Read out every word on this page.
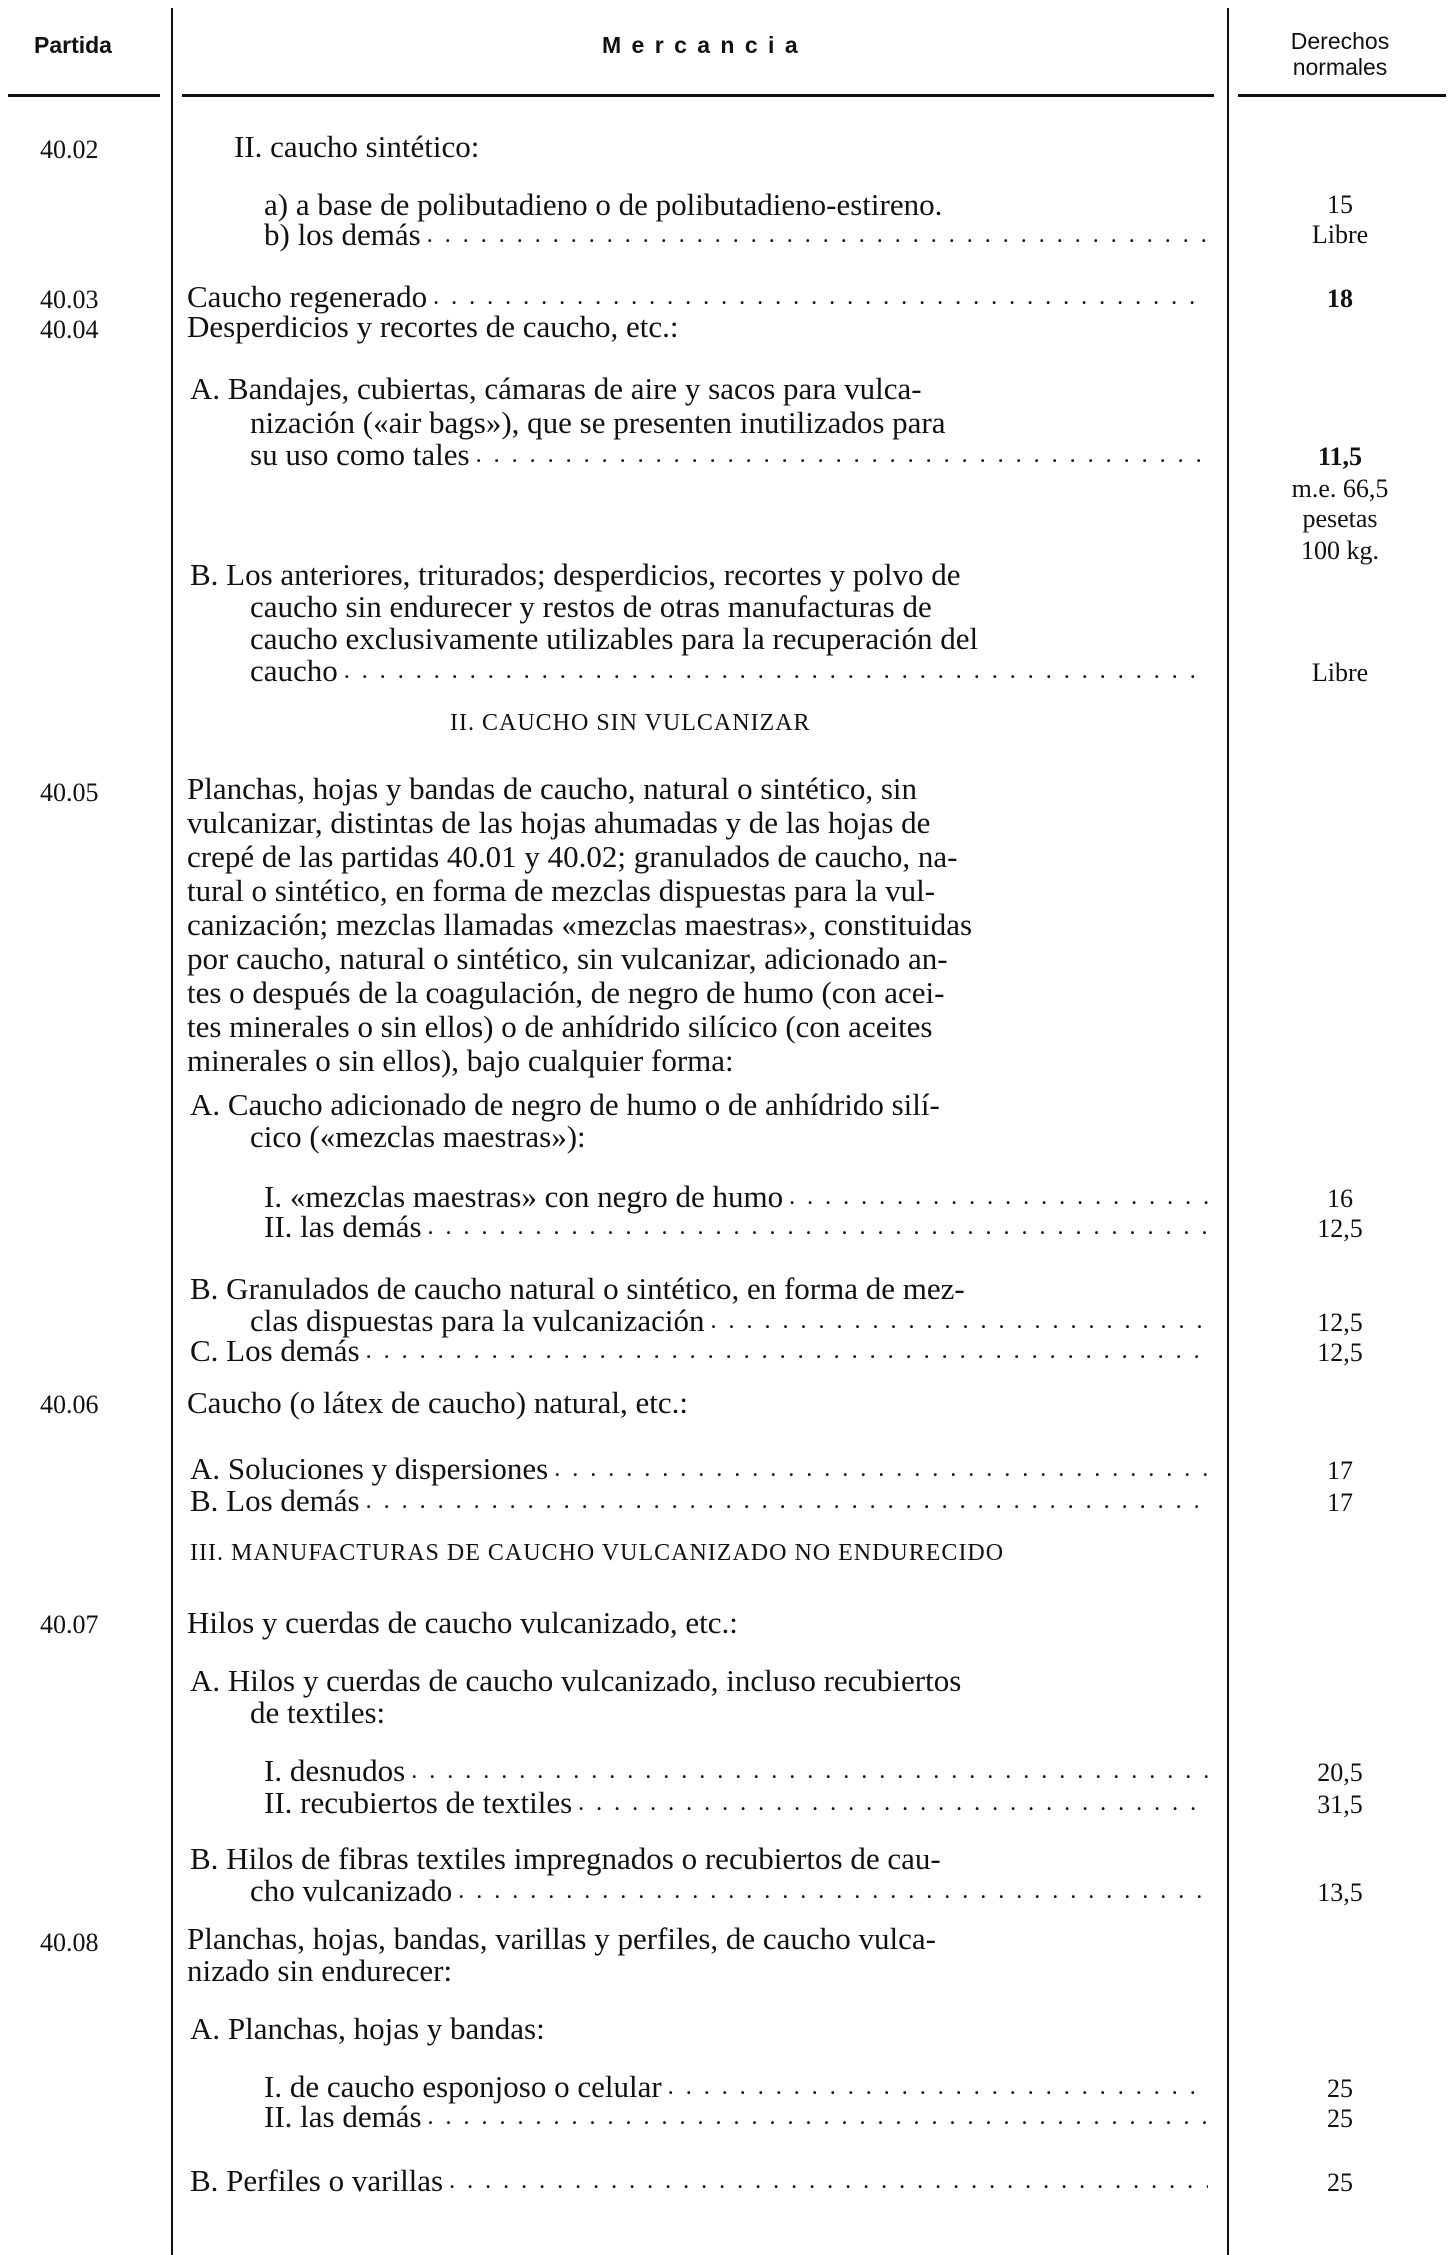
Partida	M e r c a n c i a	Derechos
normales
40.02
40.03
40.04
40.05
40.06
40.07
40.08
II. caucho sintético:
a) a base de polibutadieno o de polibutadieno-estireno.
b) los demás
. . .
Caucho regenerado
. . .
Desperdicios y recortes de caucho, etc.:
A. Bandajes, cubiertas, cámaras de aire y sacos para vulca-
nización («air bags»), que se presenten inutilizados para
su uso como tales
. . .
B. Los anteriores, triturados; desperdicios, recortes y polvo de
caucho sin endurecer y restos de otras manufacturas de
caucho exclusivamente utilizables para la recuperación del
caucho
. . .
II. CAUCHO SIN VULCANIZAR
Planchas, hojas y bandas de caucho, natural o sintético, sin
vulcanizar, distintas de las hojas ahumadas y de las hojas de
crepé de las partidas 40.01 y 40.02; granulados de caucho, na-
tural o sintético, en forma de mezclas dispuestas para la vul-
canización; mezclas llamadas «mezclas maestras», constituidas
por caucho, natural o sintético, sin vulcanizar, adicionado an-
tes o después de la coagulación, de negro de humo (con acei-
tes minerales o sin ellos) o de anhídrido silícico (con aceites
minerales o sin ellos), bajo cualquier forma:
A. Caucho adicionado de negro de humo o de anhídrido silí-
cico («mezclas maestras»):
I. «mezclas maestras» con negro de humo
. . .
II. las demás
. . .
B. Granulados de caucho natural o sintético, en forma de mez-
clas dispuestas para la vulcanización
. . .
C. Los demás
. . .
Caucho (o látex de caucho) natural, etc.:
A. Soluciones y dispersiones
. . .
B. Los demás
. . .
III. MANUFACTURAS DE CAUCHO VULCANIZADO NO ENDURECIDO
Hilos y cuerdas de caucho vulcanizado, etc.:
A. Hilos y cuerdas de caucho vulcanizado, incluso recubiertos
de textiles:
I. desnudos
. . .
II. recubiertos de textiles
. . .
B. Hilos de fibras textiles impregnados o recubiertos de cau-
cho vulcanizado
. . .
Planchas, hojas, bandas, varillas y perfiles, de caucho vulca-
nizado sin endurecer:
A. Planchas, hojas y bandas:
I. de caucho esponjoso o celular
. . .
II. las demás
. . .
B. Perfiles o varillas
. . .
15
Libre
18
11,5
m.e. 66,5
pesetas
100 kg.
Libre
16
12,5
12,5
12,5
17
17
20,5
31,5
13,5
25
25
25
